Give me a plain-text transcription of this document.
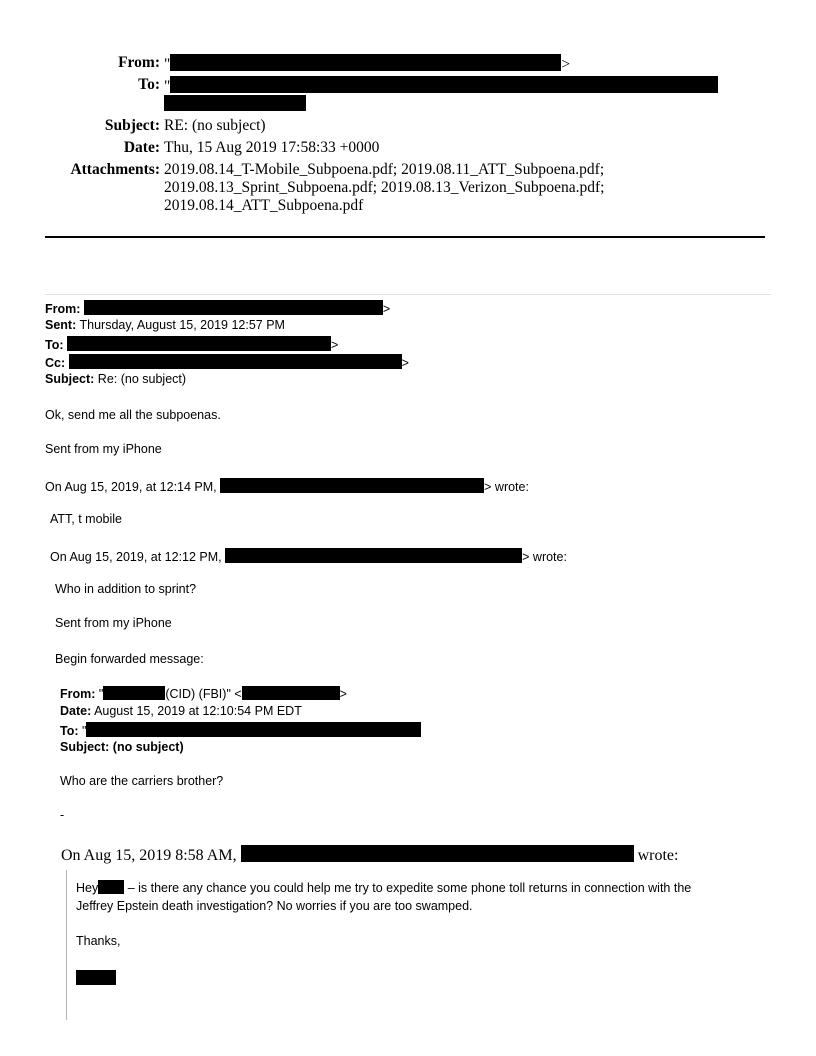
From: "	>
To: "
Subject: RE: (no subject)
Date: Thu, 15 Aug 2019 17:58:33 +0000
Attachments: 2019.08.14_T-Mobile_Subpoena.pdf; 2019.08.11_ATT_Subpoena.pdf;
2019.08.13_Sprint_Subpoena.pdf; 2019.08.13_Verizon_Subpoena.pdf;
2019.08.14_ATT_Subpoena.pdf
From:	>
Sent: Thursday, August 15, 2019 12:57 PM
To:	>
Cc:	>
Subject: Re: (no subject)
Ok, send me all the subpoenas.
Sent from my iPhone
On Aug 15, 2019, at 12:14 PM,	> wrote:
ATT, t mobile
On Aug 15, 2019, at 12:12 PM,	> wrote:
Who in addition to sprint?
Sent from my iPhone
Begin forwarded message:
From: "	(CID) (FBI)" <	>
Date: August 15, 2019 at 12:10:54 PM EDT
To: "
Subject: (no subject)
Who are the carriers brother?
-
On Aug 15, 2019 8:58 AM,	wrote:
Hey – is there any chance you could help me try to expedite some phone toll returns in connection with the
Jeffrey Epstein death investigation? No worries if you are too swamped.
Thanks,
